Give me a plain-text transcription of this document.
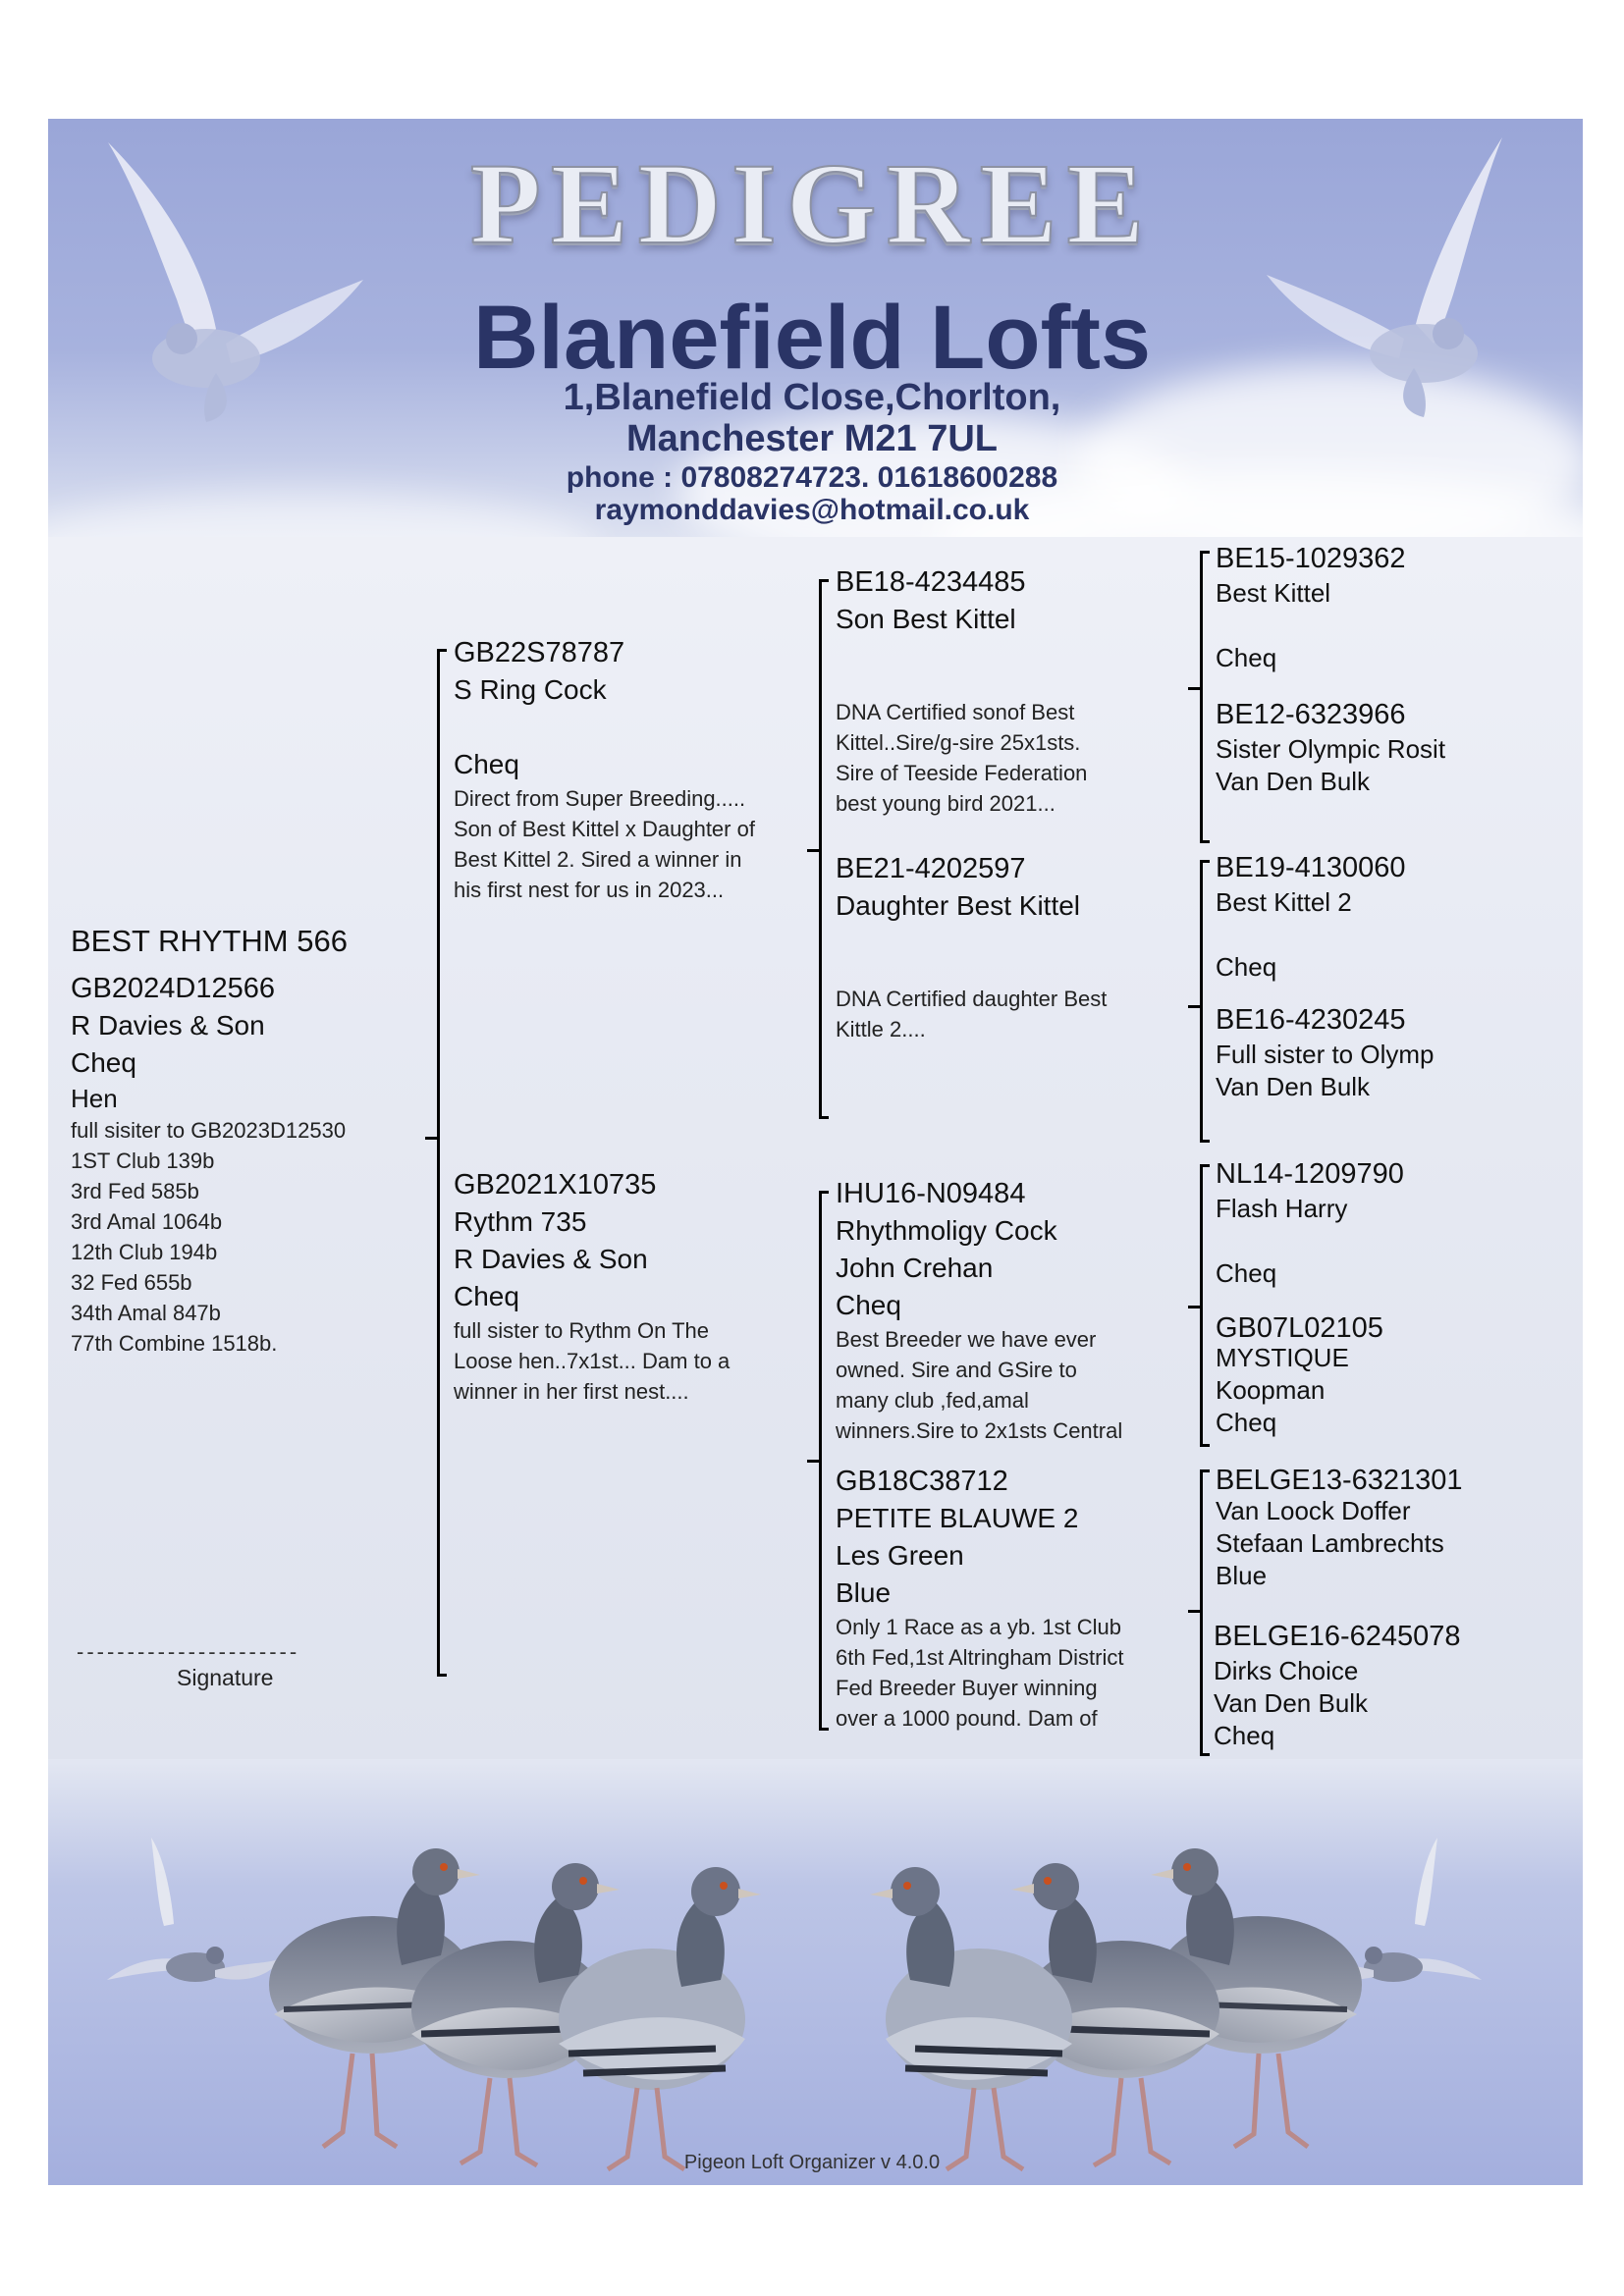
PEDIGREE
Blanefield Lofts
1,Blanefield Close,Chorlton,
Manchester M21 7UL
phone : 07808274723. 01618600288
raymonddavies@hotmail.co.uk
BEST RHYTHM 566
GB2024D12566
R Davies & Son
Cheq
Hen
full sisiter to GB2023D12530
1ST Club 139b
3rd Fed 585b
3rd Amal 1064b
12th Club 194b
32 Fed 655b
34th Amal 847b
77th Combine 1518b.
----------------------
Signature
GB22S78787
S Ring Cock
Cheq
Direct from Super Breeding.....
Son of Best Kittel x Daughter of
Best Kittel 2. Sired a winner in
his first nest for us in 2023...
GB2021X10735
Rythm 735
R Davies & Son
Cheq
full sister to Rythm On The
Loose hen..7x1st... Dam to a
winner in her first nest....
BE18-4234485
Son Best Kittel
DNA Certified sonof Best
Kittel..Sire/g-sire 25x1sts.
Sire of Teeside Federation
best young bird 2021...
BE21-4202597
Daughter Best Kittel
DNA Certified daughter Best
Kittle 2....
IHU16-N09484
Rhythmoligy Cock
John Crehan
Cheq
Best Breeder we have ever
owned. Sire and GSire to
many club ,fed,amal
winners.Sire to 2x1sts Central
GB18C38712
PETITE BLAUWE 2
Les Green
Blue
Only 1 Race as a yb. 1st Club
6th Fed,1st Altringham District
Fed Breeder Buyer winning
over a 1000 pound. Dam of
BE15-1029362
Best Kittel
Cheq
BE12-6323966
Sister Olympic Rosit
Van Den Bulk
BE19-4130060
Best Kittel 2
Cheq
BE16-4230245
Full sister to Olymp
Van Den Bulk
NL14-1209790
Flash Harry
Cheq
GB07L02105
MYSTIQUE
Koopman
Cheq
BELGE13-6321301
Van Loock Doffer
Stefaan Lambrechts
Blue
BELGE16-6245078
Dirks Choice
Van Den Bulk
Cheq
Pigeon Loft Organizer v 4.0.0
